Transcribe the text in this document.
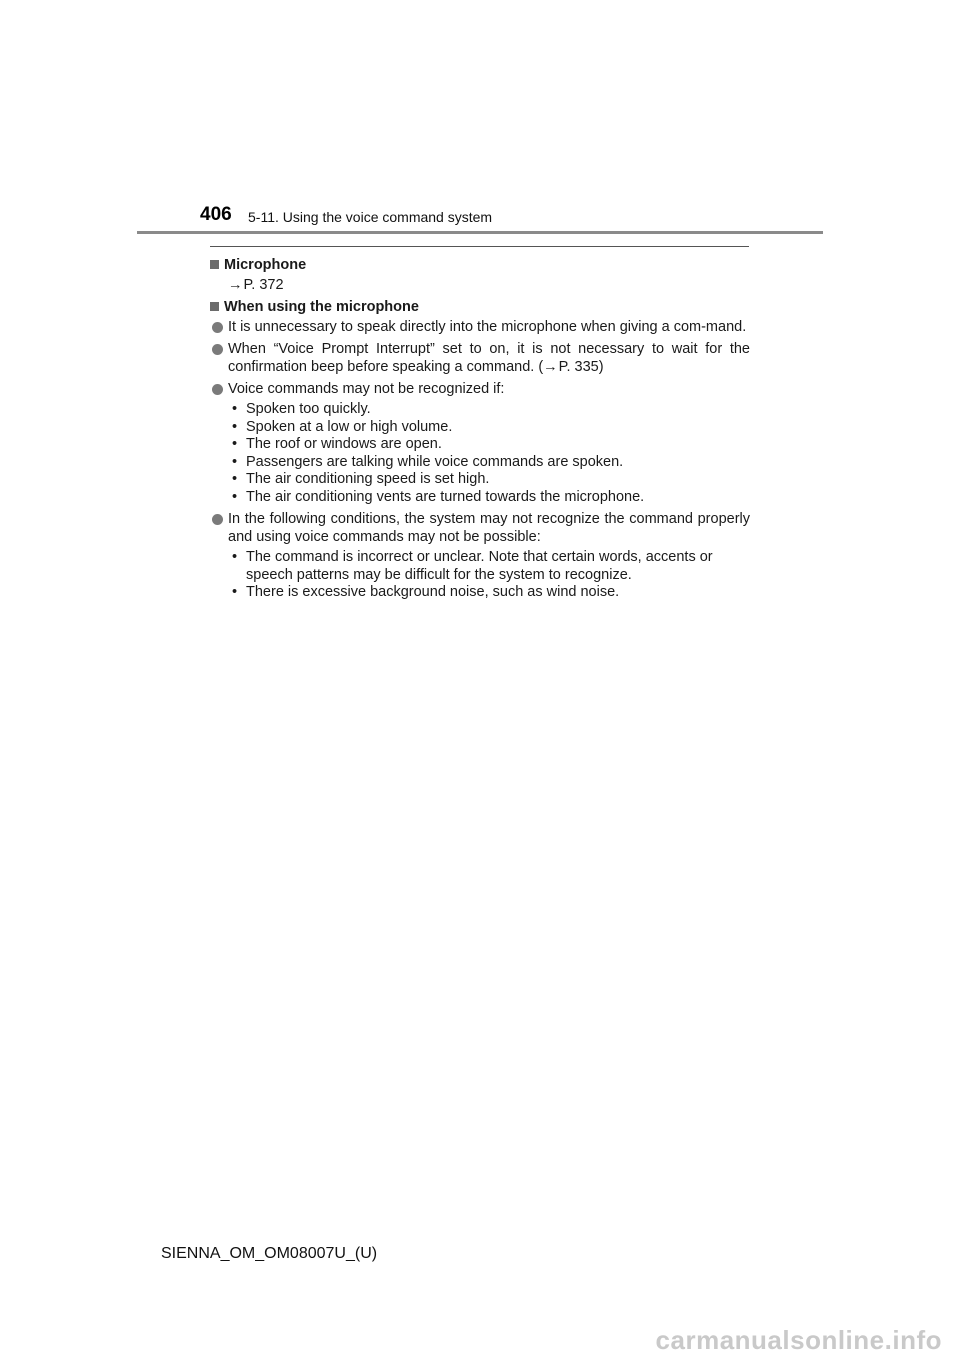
406 5-11. Using the voice command system
Microphone
→P. 372
When using the microphone
It is unnecessary to speak directly into the microphone when giving a com-mand.
When “Voice Prompt Interrupt” set to on, it is not necessary to wait for the confirmation beep before speaking a command. (→P. 335)
Voice commands may not be recognized if:
• Spoken too quickly.
• Spoken at a low or high volume.
• The roof or windows are open.
• Passengers are talking while voice commands are spoken.
• The air conditioning speed is set high.
• The air conditioning vents are turned towards the microphone.
In the following conditions, the system may not recognize the command properly and using voice commands may not be possible:
• The command is incorrect or unclear. Note that certain words, accents or speech patterns may be difficult for the system to recognize.
• There is excessive background noise, such as wind noise.
SIENNA_OM_OM08007U_(U)
carmanualsonline.info
